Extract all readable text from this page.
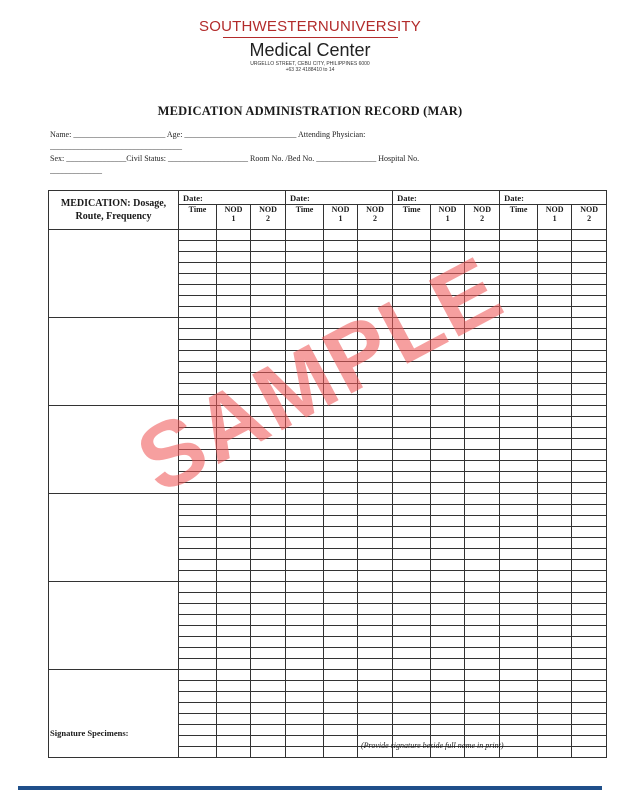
SOUTHWESTERNUNIVERSITY
Medical Center
URGELLO STREET, CEBU CITY, PHILIPPINES 6000
+63 32 4188410 to 14
MEDICATION ADMINISTRATION RECORD (MAR)
Name: _______________________ Age: ____________________________ Attending Physician:
_________________________________
Sex: _______________Civil Status: ____________________ Room No. /Bed No. _______________ Hospital No.
_____________
MEDICATION: Dosage, Route, Frequency	Date:			Date:			Date:			Date:		
	Time	NOD
1	NOD
2	Time	NOD
1	NOD
2	Time	NOD
1	NOD
2	Time	NOD
1	NOD
2

SAMPLE
Signature Specimens:
(Provide signature beside full name in print)
